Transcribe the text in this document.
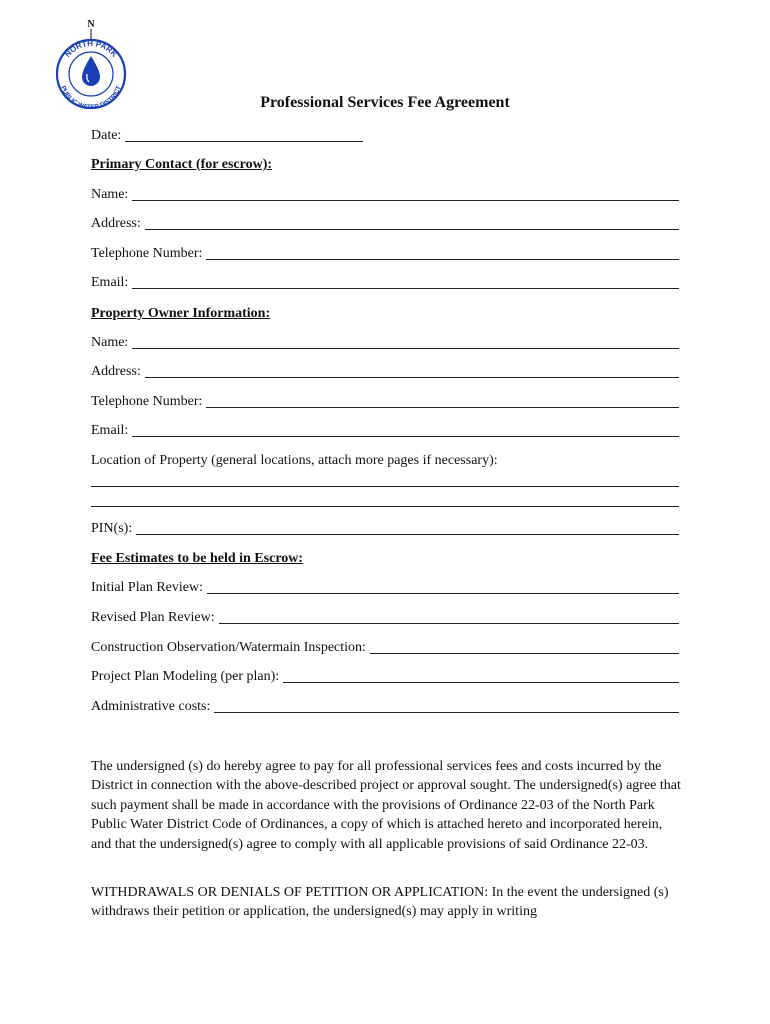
N
NORTH PARK
PUBLIC WATER DISTRICT
Professional Services Fee Agreement
Date:
Primary Contact (for escrow):
Name:
Address:
Telephone Number:
Email:
Property Owner Information:
Name:
Address:
Telephone Number:
Email:
Location of Property (general locations, attach more pages if necessary):
PIN(s):
Fee Estimates to be held in Escrow:
Initial Plan Review:
Revised Plan Review:
Construction Observation/Watermain Inspection:
Project Plan Modeling (per plan):
Administrative costs:
The undersigned (s) do hereby agree to pay for all professional services fees and costs incurred by the District in connection with the above-described project or approval sought. The undersigned(s) agree that such payment shall be made in accordance with the provisions of Ordinance 22-03 of the North Park Public Water District Code of Ordinances, a copy of which is attached hereto and incorporated herein, and that the undersigned(s) agree to comply with all applicable provisions of said Ordinance 22-03.
WITHDRAWALS OR DENIALS OF PETITION OR APPLICATION: In the event the undersigned (s) withdraws their petition or application, the undersigned(s) may apply in writing
